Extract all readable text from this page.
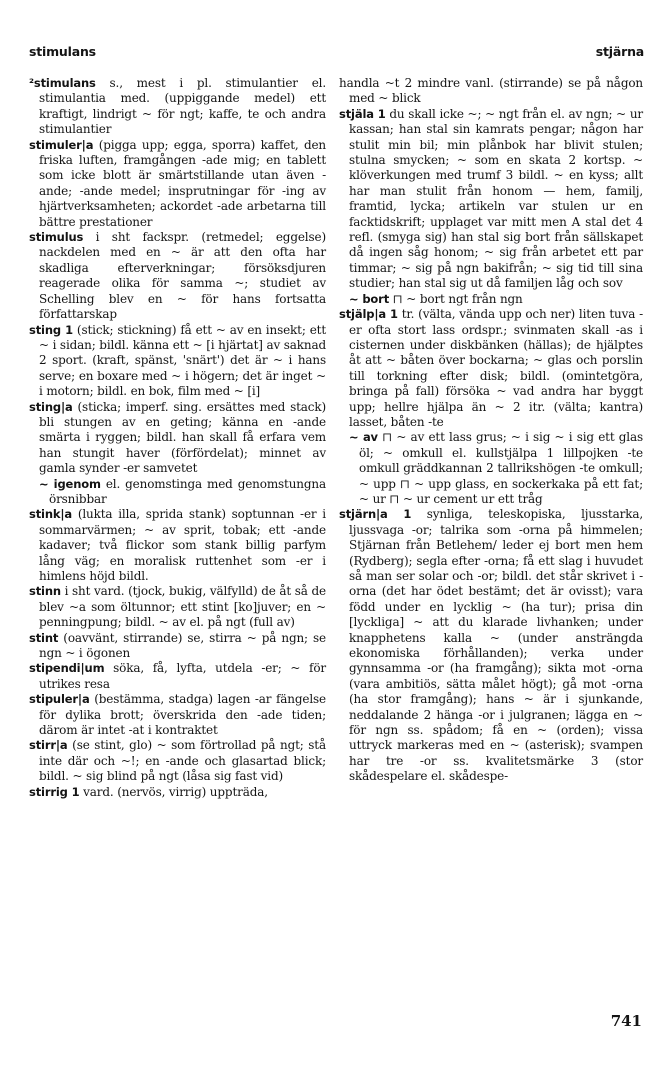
stimulans	stjärna

²stimulans s., mest i pl. stimulantier el. stimulantia med. (uppiggande medel) ett kraftigt, lindrigt ~ för ngt; kaffe, te och andra stimulantier

stimuler|a (pigga upp; egga, sporra) kaffet, den friska luften, framgången -ade mig; en tablett som icke blott är smärtstillande utan även -ande; -ande medel; insprutningar för -ing av hjärtverksamheten; ackordet -ade arbetarna till bättre prestationer

stimulus i sht fackspr. (retmedel; eggelse) nackdelen med en ~ är att den ofta har skadliga efterverkningar; försöksdjuren reagerade olika för samma ~; studiet av Schelling blev en ~ för hans fortsatta författarskap

sting 1 (stick; stickning) få ett ~ av en insekt; ett ~ i sidan; bildl. känna ett ~ [i hjärtat] av saknad 2 sport. (kraft, spänst, 'snärt') det är ~ i hans serve; en boxare med ~ i högern; det är inget ~ i motorn; bildl. en bok, film med ~ [i]

sting|a (sticka; imperf. sing. ersättes med stack) bli stungen av en geting; känna en -ande smärta i ryggen; bildl. han skall få erfara vem han stungit haver (förfördelat); minnet av gamla synder -er samvetet

~ igenom el. genomstinga med genomstungna örsnibbar

stink|a (lukta illa, sprida stank) soptunnan -er i sommarvärmen; ~ av sprit, tobak; ett -ande kadaver; två flickor som stank billig parfym lång väg; en moralisk ruttenhet som -er i himlens höjd bildl.

stinn i sht vard. (tjock, bukig, välfylld) de åt så de blev ~a som öltunnor; ett stint [ko]juver; en ~ penningpung; bildl. ~ av el. på ngt (full av)

stint (oavvänt, stirrande) se, stirra ~ på ngn; se ngn ~ i ögonen

stipendi|um söka, få, lyfta, utdela -er; ~ för utrikes resa

stipuler|a (bestämma, stadga) lagen -ar fängelse för dylika brott; överskrida den -ade tiden; därom är intet -at i kontraktet

stirr|a (se stint, glo) ~ som förtrollad på ngt; stå inte där och ~!; en -ande och glasartad blick; bildl. ~ sig blind på ngt (låsa sig fast vid)

stirrig 1 vard. (nervös, virrig) uppträda,

handla ~t 2 mindre vanl. (stirrande) se på någon med ~ blick

stjäla 1 du skall icke ~; ~ ngt från el. av ngn; ~ ur kassan; han stal sin kamrats pengar; någon har stulit min bil; min plånbok har blivit stulen; stulna smycken; ~ som en skata 2 kortsp. ~ klöverkungen med trumf 3 bildl. ~ en kyss; allt har man stulit från honom — hem, familj, framtid, lycka; artikeln var stulen ur en facktidskrift; upplaget var mitt men A stal det 4 refl. (smyga sig) han stal sig bort från sällskapet då ingen såg honom; ~ sig från arbetet ett par timmar; ~ sig på ngn bakifrån; ~ sig tid till sina studier; han stal sig ut då familjen låg och sov

~ bort ⊓ ~ bort ngt från ngn

stjälp|a 1 tr. (välta, vända upp och ner) liten tuva -er ofta stort lass ordspr.; svinmaten skall -as i cisternen under diskbänken (hällas); de hjälptes åt att ~ båten över bockarna; ~ glas och porslin till torkning efter disk; bildl. (omintetgöra, bringa på fall) försöka ~ vad andra har byggt upp; hellre hjälpa än ~ 2 itr. (välta; kantra) lasset, båten -te

~ av ⊓ ~ av ett lass grus; ~ i sig ~ i sig ett glas öl; ~ omkull el. kullstjälpa 1 lillpojken -te omkull gräddkannan 2 tallrikshögen -te omkull; ~ upp ⊓ ~ upp glass, en sockerkaka på ett fat; ~ ur ⊓ ~ ur cement ur ett tråg

stjärn|a 1 synliga, teleskopiska, ljusstarka, ljussvaga -or; talrika som -orna på himmelen; Stjärnan från Betlehem/ leder ej bort men hem (Rydberg); segla efter -orna; få ett slag i huvudet så man ser solar och -or; bildl. det står skrivet i -orna (det har ödet bestämt; det är ovisst); vara född under en lycklig ~ (ha tur); prisa din [lyckliga] ~ att du klarade livhanken; under knapphetens kalla ~ (under ansträngda ekonomiska förhållanden); verka under gynnsamma -or (ha framgång); sikta mot -orna (vara ambitiös, sätta målet högt); gå mot -orna (ha stor framgång); hans ~ är i sjunkande, neddalande 2 hänga -or i julgranen; lägga en ~ för ngn ss. spådom; få en ~ (orden); vissa uttryck markeras med en ~ (asterisk); svampen har tre -or ss. kvalitetsmärke 3 (stor skådespelare el. skådespe-

741
